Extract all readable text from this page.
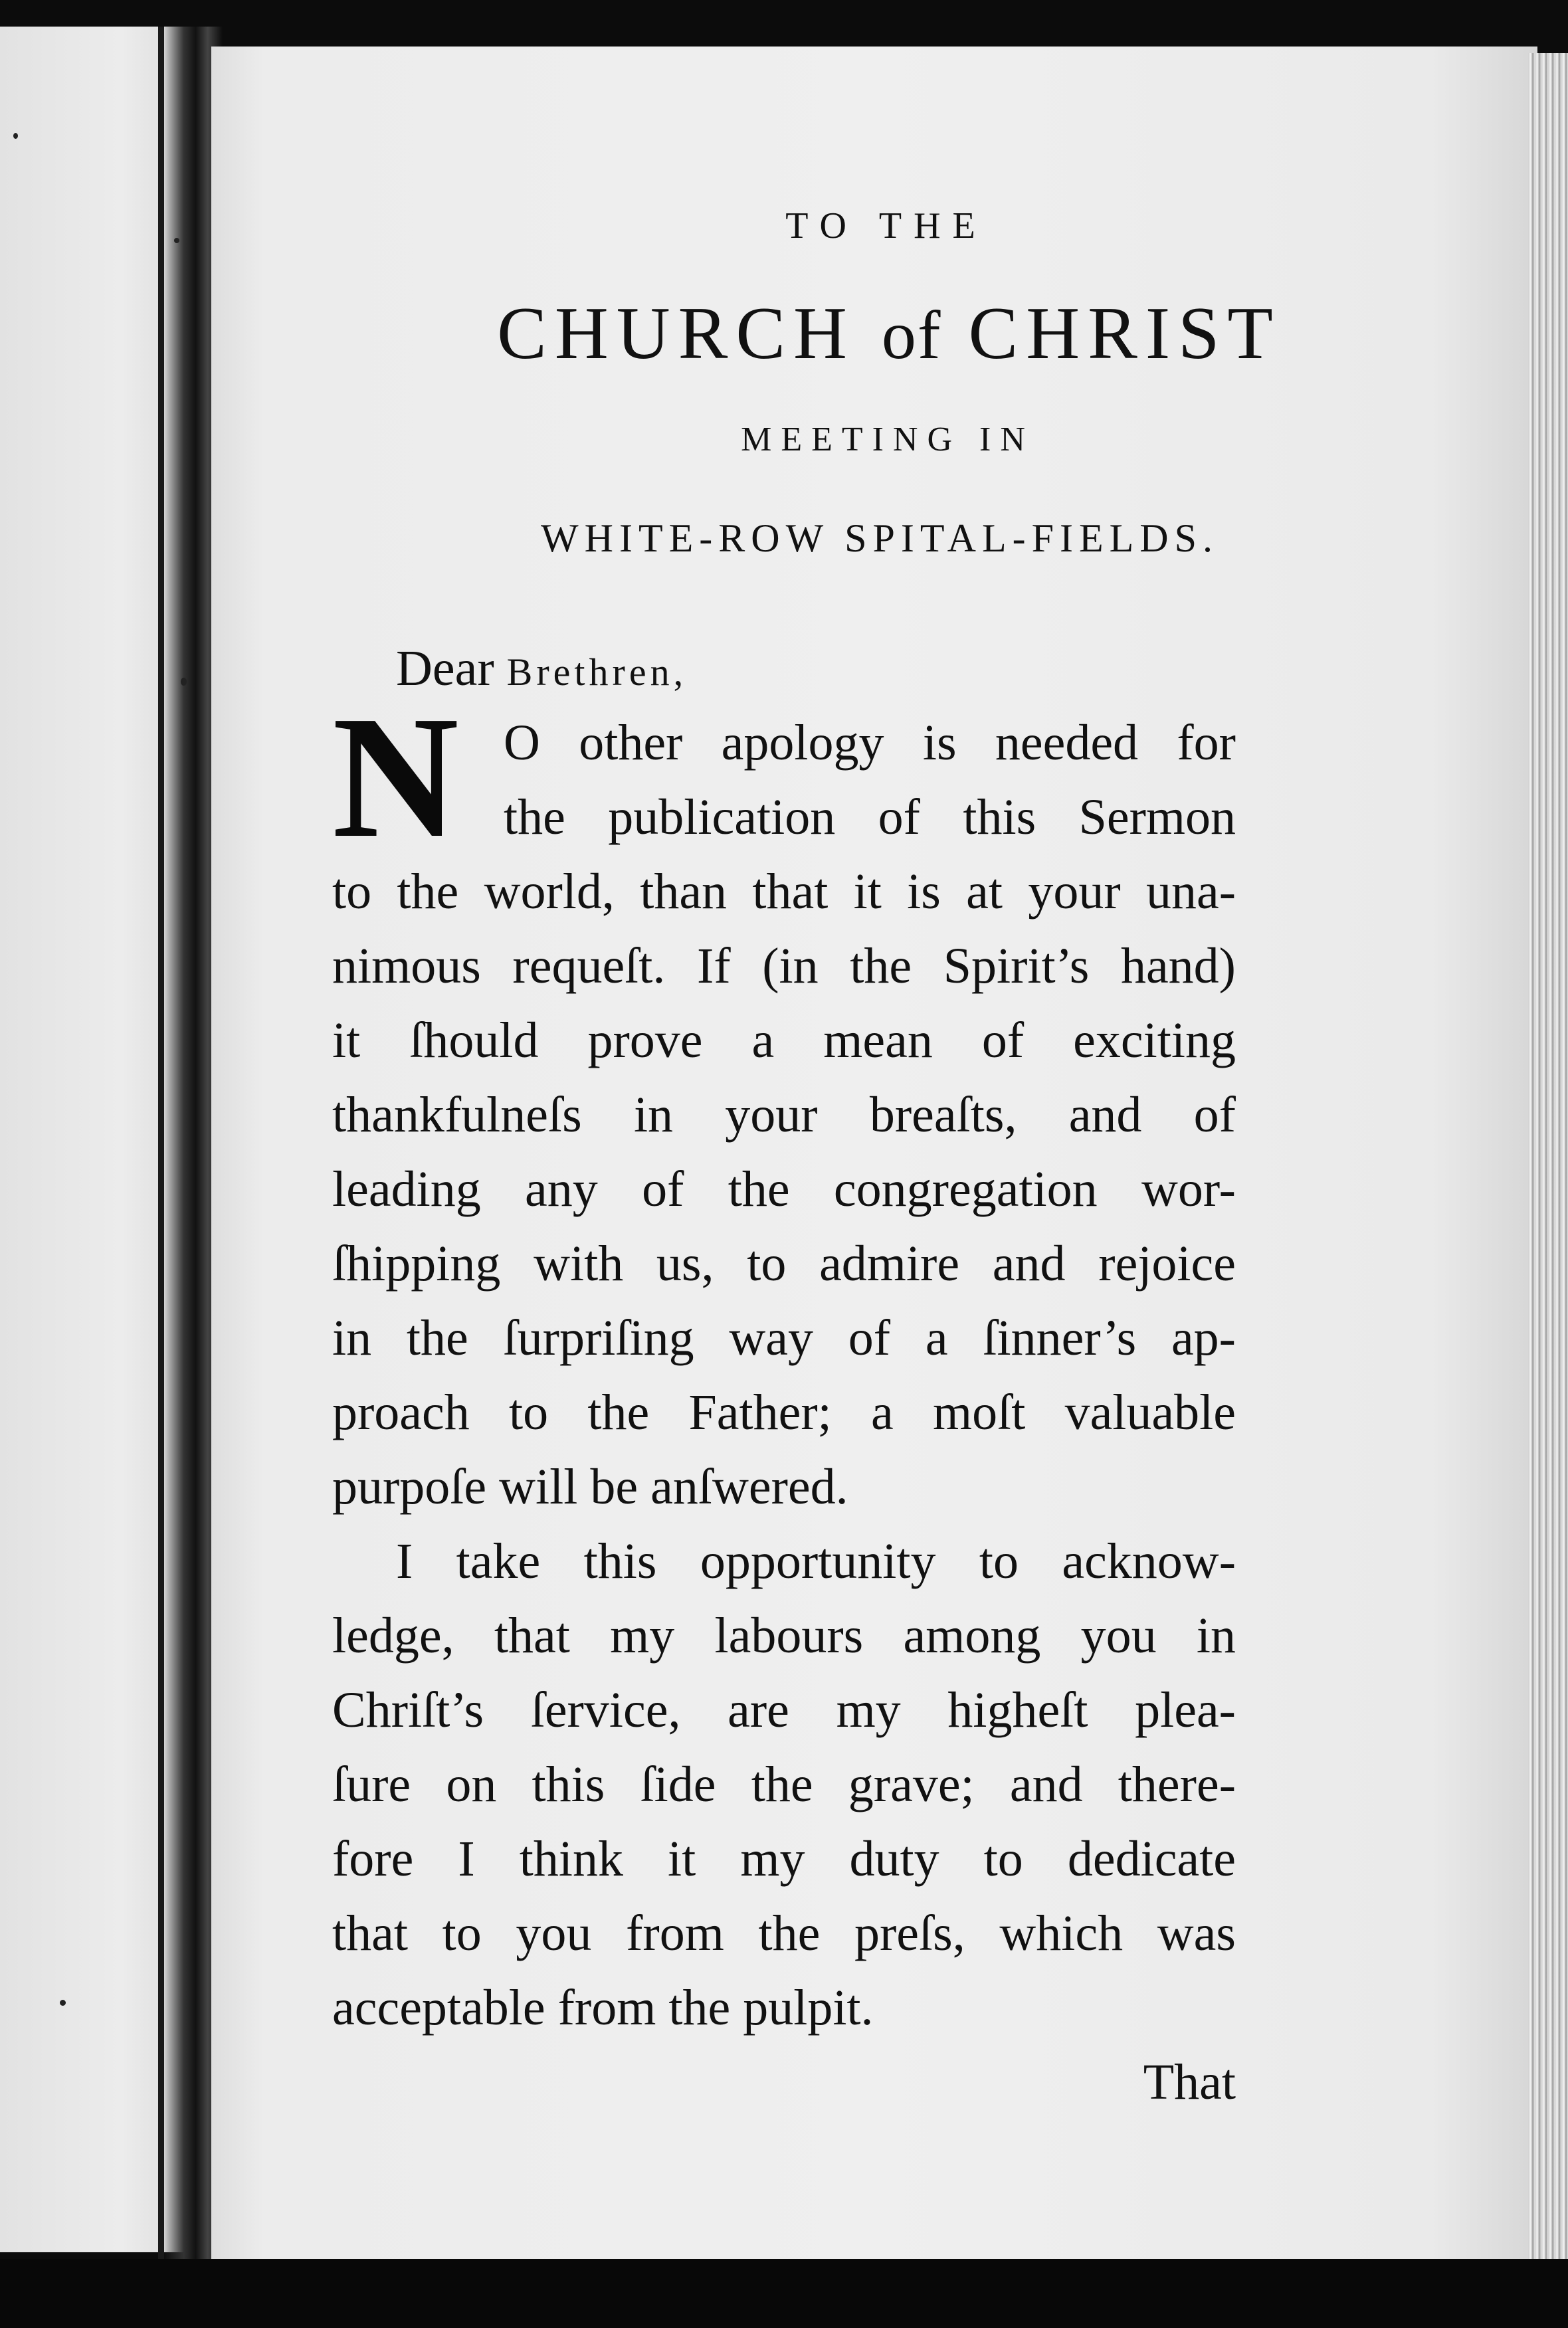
TO THE
CHURCH of CHRIST
MEETING IN
WHITE-ROW SPITAL-FIELDS.
Dear Brethren,
N O other apology is needed for
the publication of this Sermon
to the world, than that it is at your una-
nimous requeſt. If (in the Spirit’s hand)
it ſhould prove a mean of exciting
thankfulneſs in your breaſts, and of
leading any of the congregation wor-
ſhipping with us, to admire and rejoice
in the ſurpriſing way of a ſinner’s ap-
proach to the Father; a moſt valuable
purpoſe will be anſwered.
I take this opportunity to acknow-
ledge, that my labours among you in
Chriſt’s ſervice, are my higheſt plea-
ſure on this ſide the grave; and there-
fore I think it my duty to dedicate
that to you from the preſs, which was
acceptable from the pulpit.
That
